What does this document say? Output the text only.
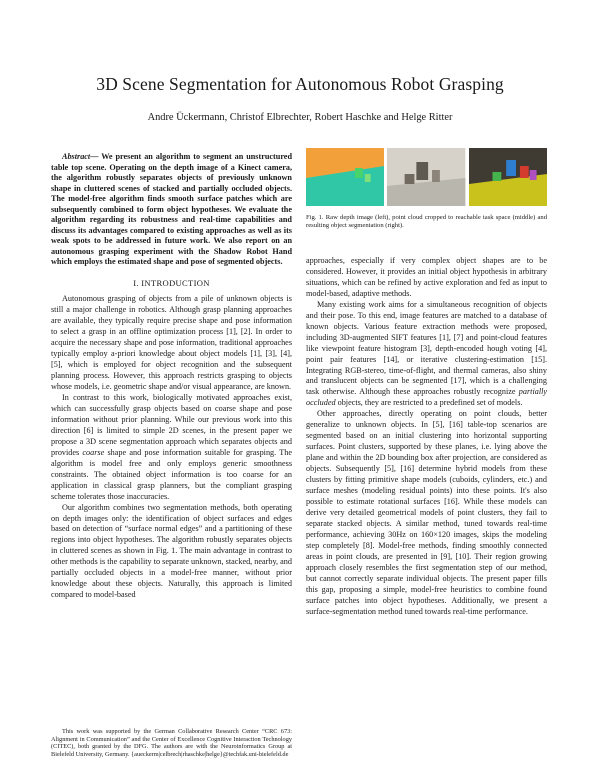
3D Scene Segmentation for Autonomous Robot Grasping
Andre Ückermann, Christof Elbrechter, Robert Haschke and Helge Ritter

Abstract— We present an algorithm to segment an unstructured table top scene. Operating on the depth image of a Kinect camera, the algorithm robustly separates objects of previously unknown shape in cluttered scenes of stacked and partially occluded objects. The model-free algorithm finds smooth surface patches which are subsequently combined to form object hypotheses. We evaluate the algorithm regarding its robustness and real-time capabilities and discuss its advantages compared to existing approaches as well as its weak spots to be addressed in future work. We also report on an autonomous grasping experiment with the Shadow Robot Hand which employs the estimated shape and pose of segmented objects.

I. INTRODUCTION

Autonomous grasping of objects from a pile of unknown objects is still a major challenge in robotics. Although grasp planning approaches are available, they typically require precise shape and pose information to select a grasp in an offline optimization process [1], [2]. In order to acquire the necessary shape and pose information, traditional approaches typically employ a-priori knowledge about object models [1], [3], [4], [5], which is employed for object recognition and the subsequent planning process. However, this approach restricts grasping to objects whose models, i.e. geometric shape and/or visual appearance, are known.

In contrast to this work, biologically motivated approaches exist, which can successfully grasp objects based on coarse shape and pose information without prior planning. While our previous work into this direction [6] is limited to simple 2D scenes, in the present paper we propose a 3D scene segmentation approach which separates objects and provides coarse shape and pose information suitable for grasping. The algorithm is model free and only employs generic smoothness constraints. The obtained object information is too coarse for an application in classical grasp planners, but the compliant grasping scheme tolerates those inaccuracies.

Our algorithm combines two segmentation methods, both operating on depth images only: the identification of object surfaces and edges based on detection of “surface normal edges” and a partitioning of these regions into object hypotheses. The algorithm robustly separates objects in cluttered scenes as shown in Fig. 1. The main advantage in contrast to other methods is the capability to separate unknown, stacked, nearby, and partially occluded objects in a model-free manner, without prior knowledge about these objects. Naturally, this approach is limited compared to model-based

This work was supported by the German Collaborative Research Center “CRC 673: Alignment in Communication” and the Center of Excellence Cognitive Interaction Technology (CITEC), both granted by the DFG. The authors are with the Neuroinformatics Group at Bielefeld University, Germany. {aueckerm|celbrech|rhaschke|helge}@techfak.uni-bielefeld.de

Fig. 1. Raw depth image (left), point cloud cropped to reachable task space (middle) and resulting object segmentation (right).

approaches, especially if very complex object shapes are to be considered. However, it provides an initial object hypothesis in arbitrary situations, which can be refined by active exploration and fed as input to model-based, adaptive methods.

Many existing work aims for a simultaneous recognition of objects and their pose. To this end, image features are matched to a database of known objects. Various feature extraction methods were proposed, including 3D-augmented SIFT features [1], [7] and point-cloud features like viewpoint feature histogram [3], depth-encoded hough voting [4], point pair features [14], or iterative clustering-estimation [15]. Integrating RGB-stereo, time-of-flight, and thermal cameras, also shiny and translucent objects can be segmented [17], which is a challenging task otherwise. Although these approaches robustly recognize partially occluded objects, they are restricted to a predefined set of models.

Other approaches, directly operating on point clouds, better generalize to unknown objects. In [5], [16] table-top scenarios are segmented based on an initial clustering into horizontal supporting surfaces. Point clusters, supported by these planes, i.e. lying above the plane and within the 2D bounding box after projection, are considered as objects. Subsequently [5], [16] determine hybrid models from these clusters by fitting primitive shape models (cuboids, cylinders, etc.) and surface meshes (modeling residual points) into these points. It's also possible to estimate rotational surfaces [16]. While these models can derive very detailed geometrical models of point clusters, they fail to separate stacked objects. A similar method, tuned towards real-time performance, achieving 30Hz on 160×120 images, skips the modeling step completely [8]. Model-free methods, finding smoothly connected areas in point clouds, are presented in [9], [10]. Their region growing approach closely resembles the first segmentation step of our method, but cannot correctly separate individual objects. The present paper fills this gap, proposing a simple, model-free heuristics to combine found surface patches into object hypotheses. Additionally, we present a surface-segmentation method tuned towards real-time performance.
